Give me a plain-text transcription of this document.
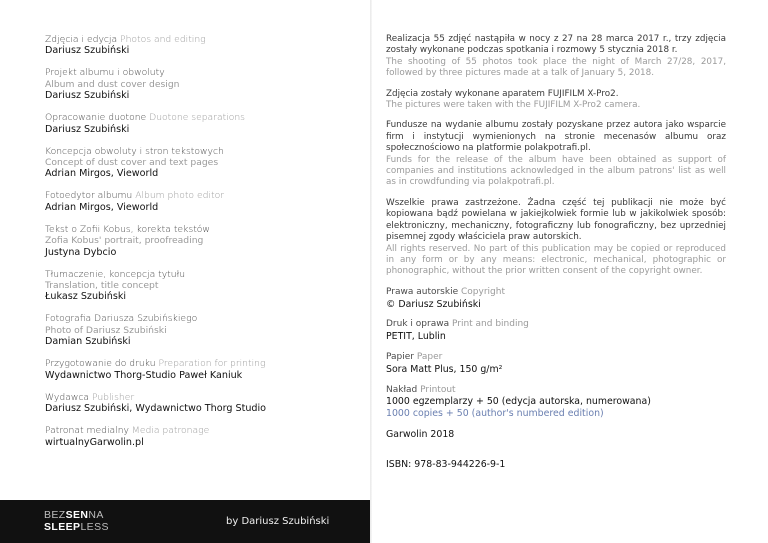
Zdjęcia i edycja Photos and editing
Dariusz Szubiński
Projekt albumu i obwoluty
Album and dust cover design
Dariusz Szubiński
Opracowanie duotone Duotone separations
Dariusz Szubiński
Koncepcja obwoluty i stron tekstowych
Concept of dust cover and text pages
Adrian Mirgos, Vieworld
Fotoedytor albumu Album photo editor
Adrian Mirgos, Vieworld
Tekst o Zofii Kobus, korekta tekstów
Zofia Kobus' portrait, proofreading
Justyna Dybcio
Tłumaczenie, koncepcja tytułu
Translation, title concept
Łukasz Szubiński
Fotografia Dariusza Szubińskiego
Photo of Dariusz Szubiński
Damian Szubiński
Przygotowanie do druku Preparation for printing
Wydawnictwo Thorg-Studio Paweł Kaniuk
Wydawca Publisher
Dariusz Szubiński, Wydawnictwo Thorg Studio
Patronat medialny Media patronage
wirtualnyGarwolin.pl
BEZSENNA
SLEEPLESS	by Dariusz Szubiński

Realizacja 55 zdjęć nastąpiła w nocy z 27 na 28 marca 2017 r., trzy zdjęcia zostały wykonane podczas spotkania i rozmowy 5 stycznia 2018 r.

The shooting of 55 photos took place the night of March 27/28, 2017, followed by three pictures made at a talk of January 5, 2018.

Zdjęcia zostały wykonane aparatem FUJIFILM X-Pro2.

The pictures were taken with the FUJIFILM X-Pro2 camera.

Fundusze na wydanie albumu zostały pozyskane przez autora jako wsparcie firm i instytucji wymienionych na stronie mecenasów albumu oraz społecznościowo na platformie polakpotrafi.pl.

Funds for the release of the album have been obtained as support of companies and institutions acknowledged in the album patrons' list as well as in crowdfunding via polakpotrafi.pl.

Wszelkie prawa zastrzeżone. Żadna część tej publikacji nie może być kopiowana bądź powielana w jakiejkolwiek formie lub w jakikolwiek sposób: elektroniczny, mechaniczny, fotograficzny lub fonograficzny, bez uprzedniej pisemnej zgody właściciela praw autorskich.

All rights reserved. No part of this publication may be copied or reproduced in any form or by any means: electronic, mechanical, photographic or phonographic, without the prior written consent of the copyright owner.

Prawa autorskie Copyright
© Dariusz Szubiński
Druk i oprawa Print and binding
PETIT, Lublin
Papier Paper
Sora Matt Plus, 150 g/m²
Nakład Printout
1000 egzemplarzy + 50 (edycja autorska, numerowana)
1000 copies + 50 (author's numbered edition)
Garwolin 2018
ISBN: 978-83-944226-9-1
